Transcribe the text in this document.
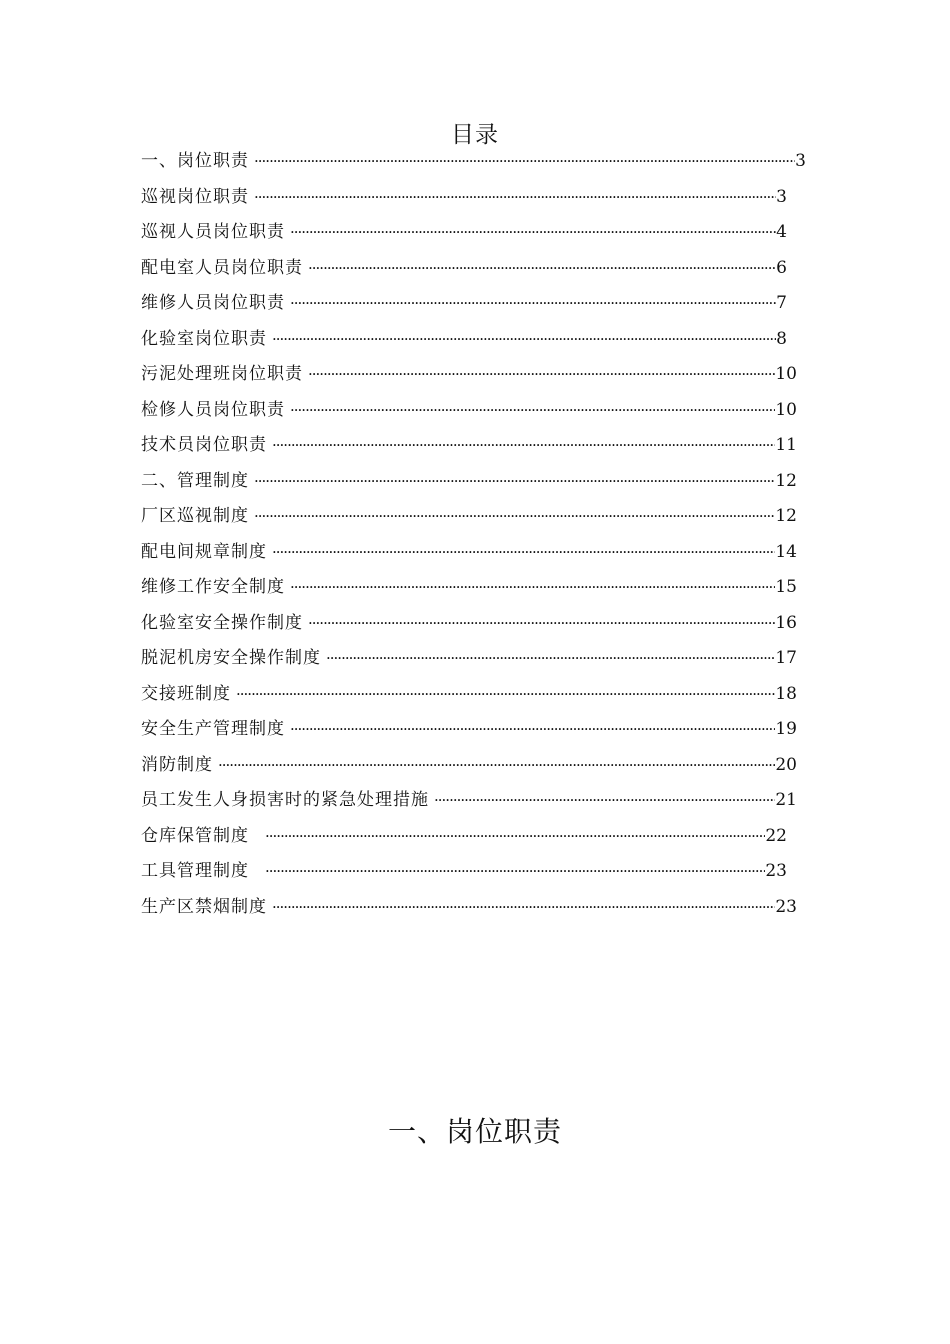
目录
一、岗位职责 ·····	3
巡视岗位职责 ·····	3
巡视人员岗位职责 ·····	4
配电室人员岗位职责 ·····	6
维修人员岗位职责 ·····	7
化验室岗位职责 ·····	8
污泥处理班岗位职责 ·····	10
检修人员岗位职责 ·····	10
技术员岗位职责 ·····	11
二、管理制度 ·····	12
厂区巡视制度 ·····	12
配电间规章制度 ·····	14
维修工作安全制度 ·····	15
化验室安全操作制度 ·····	16
脱泥机房安全操作制度 ·····	17
交接班制度 ·····	18
安全生产管理制度 ·····	19
消防制度 ·····	20
员工发生人身损害时的紧急处理措施 ·····	21
仓库保管制度 ·····	22
工具管理制度 ·····	23
生产区禁烟制度 ·····	23
一、岗位职责
